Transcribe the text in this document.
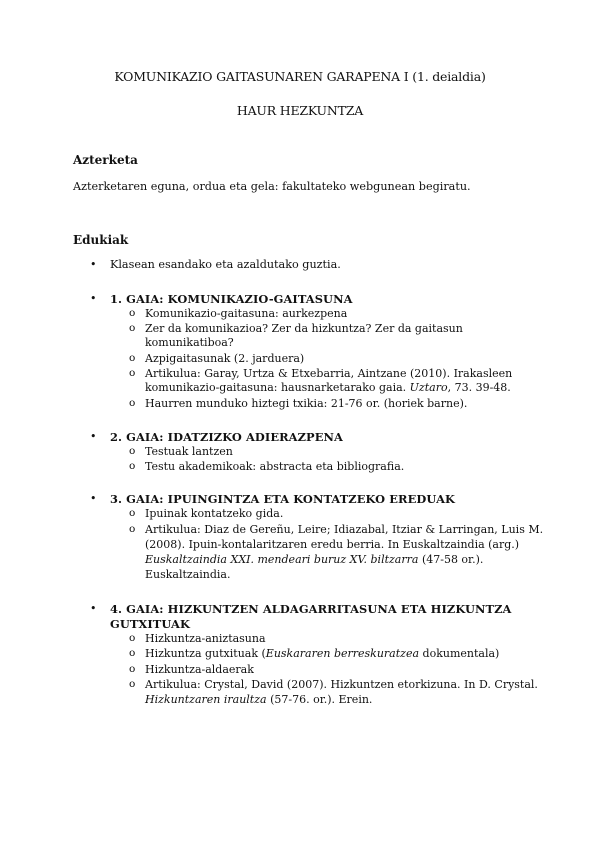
KOMUNIKAZIO GAITASUNAREN GARAPENA I (1. deialdia)
HAUR HEZKUNTZA
Azterketa
Azterketaren eguna, ordua eta gela: fakultateko webgunean begiratu.
Edukiak
• Klasean esandako eta azaldutako guztia.
• 1. GAIA: KOMUNIKAZIO-GAITASUNA
o Komunikazio-gaitasuna: aurkezpena
o Zer da komunikazioa? Zer da hizkuntza? Zer da gaitasun
komunikatiboa?
o Azpigaitasunak (2. jarduera)
o Artikulua: Garay, Urtza & Etxebarria, Aintzane (2010). Irakasleen
komunikazio-gaitasuna: hausnarketarako gaia. Uztaro, 73. 39-48.
o Haurren munduko hiztegi txikia: 21-76 or. (horiek barne).
• 2. GAIA: IDATZIZKO ADIERAZPENA
o Testuak lantzen
o Testu akademikoak: abstracta eta bibliografia.
• 3. GAIA: IPUINGINTZA ETA KONTATZEKO EREDUAK
o Ipuinak kontatzeko gida.
o Artikulua: Diaz de Gereñu, Leire; Idiazabal, Itziar & Larringan, Luis M.
(2008). Ipuin-kontalaritzaren eredu berria. In Euskaltzaindia (arg.)
Euskaltzaindia XXI. mendeari buruz XV. biltzarra (47-58 or.).
Euskaltzaindia.
• 4. GAIA: HIZKUNTZEN ALDAGARRITASUNA ETA HIZKUNTZA
GUTXITUAK
o Hizkuntza-aniztasuna
o Hizkuntza gutxituak (Euskararen berreskuratzea dokumentala)
o Hizkuntza-aldaerak
o Artikulua: Crystal, David (2007). Hizkuntzen etorkizuna. In D. Crystal.
Hizkuntzaren iraultza (57-76. or.). Erein.
